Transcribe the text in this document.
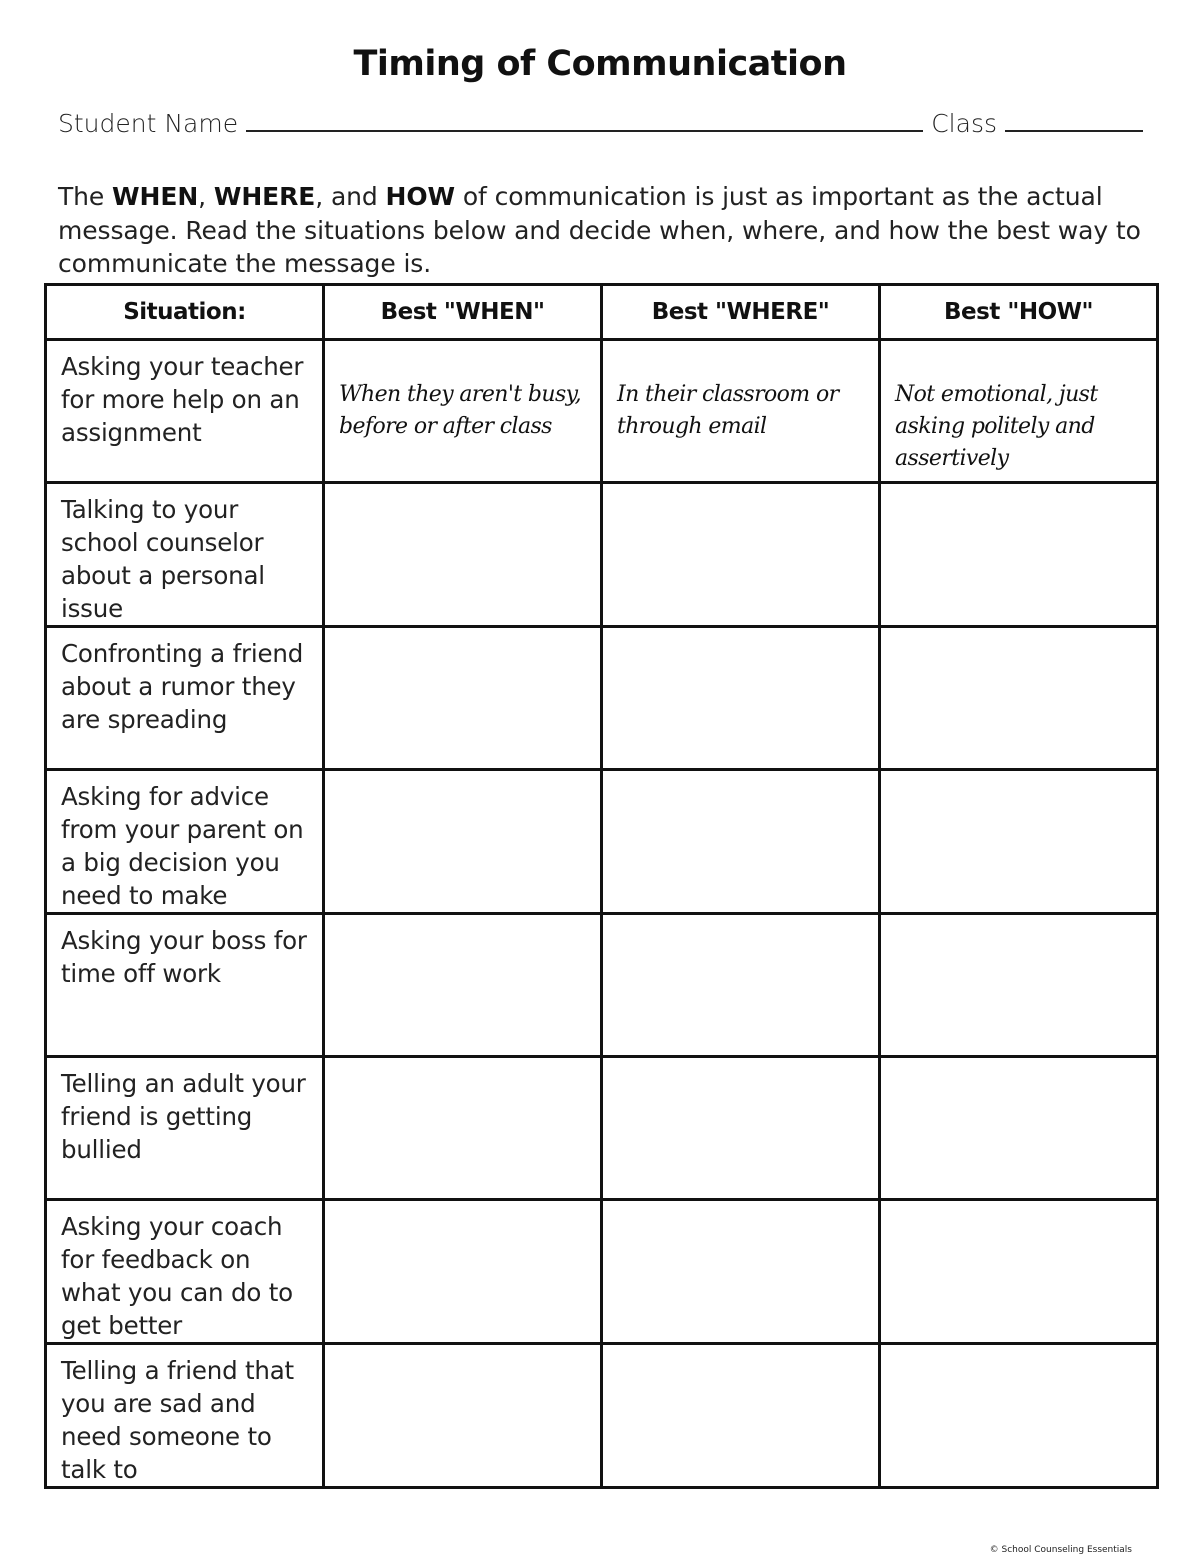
Timing of Communication
Student Name	Class
The WHEN, WHERE, and HOW of communication is just as important as the actual message. Read the situations below and decide when, where, and how the best way to communicate the message is.
Situation:	Best "WHEN"	Best "WHERE"	Best "HOW"

Asking your teacher for more help on an assignment	When they aren't busy, before or after class	In their classroom or through email	Not emotional, just asking politely and assertively

Talking to your school counselor about a personal issue			

Confronting a friend about a rumor they are spreading			

Asking for advice from your parent on a big decision you need to make			

Asking your boss for time off work			

Telling an adult your friend is getting bullied			

Asking your coach for feedback on what you can do to get better			

Telling a friend that you are sad and need someone to talk to			

© School Counseling Essentials
